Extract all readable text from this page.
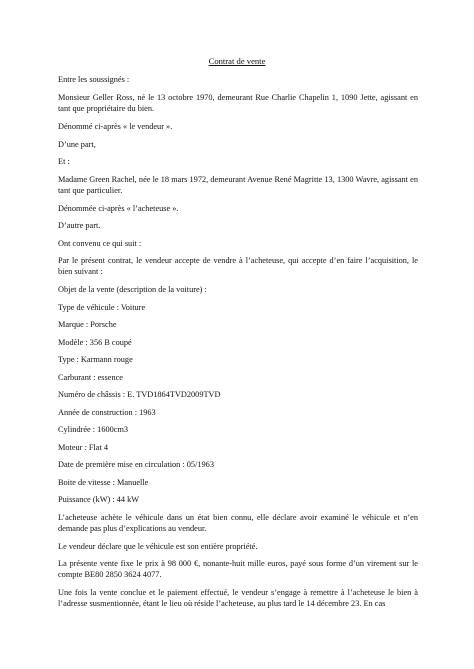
Contrat de vente

Entre les soussignés :

Monsieur Geller Ross, né le 13 octobre 1970, demeurant Rue Charlie Chapelin 1, 1090 Jette, agissant en tant que propriétaire du bien.

Dénommé ci-après « le vendeur ».

D’une part,

Et :

Madame Green Rachel, née le 18 mars 1972, demeurant Avenue René Magritte 13, 1300 Wavre, agissant en tant que particulier.

Dénommée ci-après « l’acheteuse ».

D’autre part.

Ont convenu ce qui suit :

Par le présent contrat, le vendeur accepte de vendre à l’acheteuse, qui accepte d’en faire l’acquisition, le bien suivant :

Objet de la vente (description de la voiture) :

Type de véhicule : Voiture

Marque : Porsche

Modèle : 356 B coupé

Type : Karmann rouge

Carburant : essence

Numéro de châssis : E. TVD1864TVD2009TVD

Année de construction : 1963

Cylindrée : 1600cm3

Moteur : Flat 4

Date de première mise en circulation : 05/1963

Boite de vitesse : Manuelle

Puissance (kW) : 44 kW

L’acheteuse achète le véhicule dans un état bien connu, elle déclare avoir examiné le véhicule et n’en demande pas plus d’explications au vendeur.

Le vendeur déclare que le véhicule est son entière propriété.

La présente vente fixe le prix à 98 000 €, nonante-huit mille euros, payé sous forme d’un virement sur le compte BE80 2850 3624 4077.

Une fois la vente conclue et le paiement effectué, le vendeur s’engage à remettre à l’acheteuse le bien à l’adresse susmentionnée, étant le lieu où réside l’acheteuse, au plus tard le 14 décembre 23. En cas
